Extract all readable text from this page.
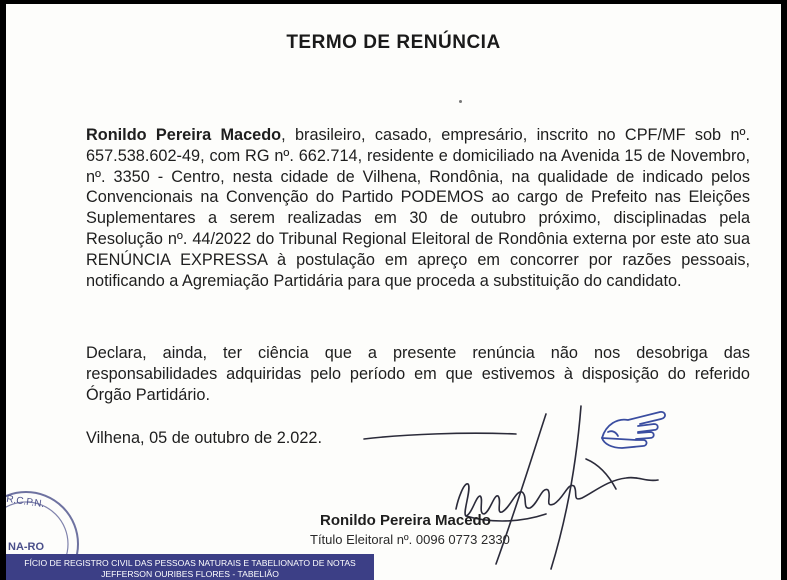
TERMO DE RENÚNCIA

Ronildo Pereira Macedo, brasileiro, casado, empresário, inscrito no CPF/MF sob nº. 657.538.602-49, com RG nº. 662.714, residente e domiciliado na Avenida 15 de Novembro, nº. 3350 - Centro, nesta cidade de Vilhena, Rondônia, na qualidade de indicado pelos Convencionais na Convenção do Partido PODEMOS ao cargo de Prefeito nas Eleições Suplementares a serem realizadas em 30 de outubro próximo, disciplinadas pela Resolução nº. 44/2022 do Tribunal Regional Eleitoral de Rondônia externa por este ato sua RENÚNCIA EXPRESSA à postulação em apreço em concorrer por razões pessoais, notificando a Agremiação Partidária para que proceda a substituição do candidato.

Declara, ainda, ter ciência que a presente renúncia não nos desobriga das responsabilidades adquiridas pelo período em que estivemos à disposição do referido Órgão Partidário.

Vilhena, 05 de outubro de 2.022.

R.C.P.N.
NA-RO
Ronildo Pereira Macedo
Título Eleitoral nº. 0096 0773 2330
FÍCIO DE REGISTRO CIVIL DAS PESSOAS NATURAIS E TABELIONATO DE NOTAS
JEFFERSON OURIBES FLORES - TABELIÃO
